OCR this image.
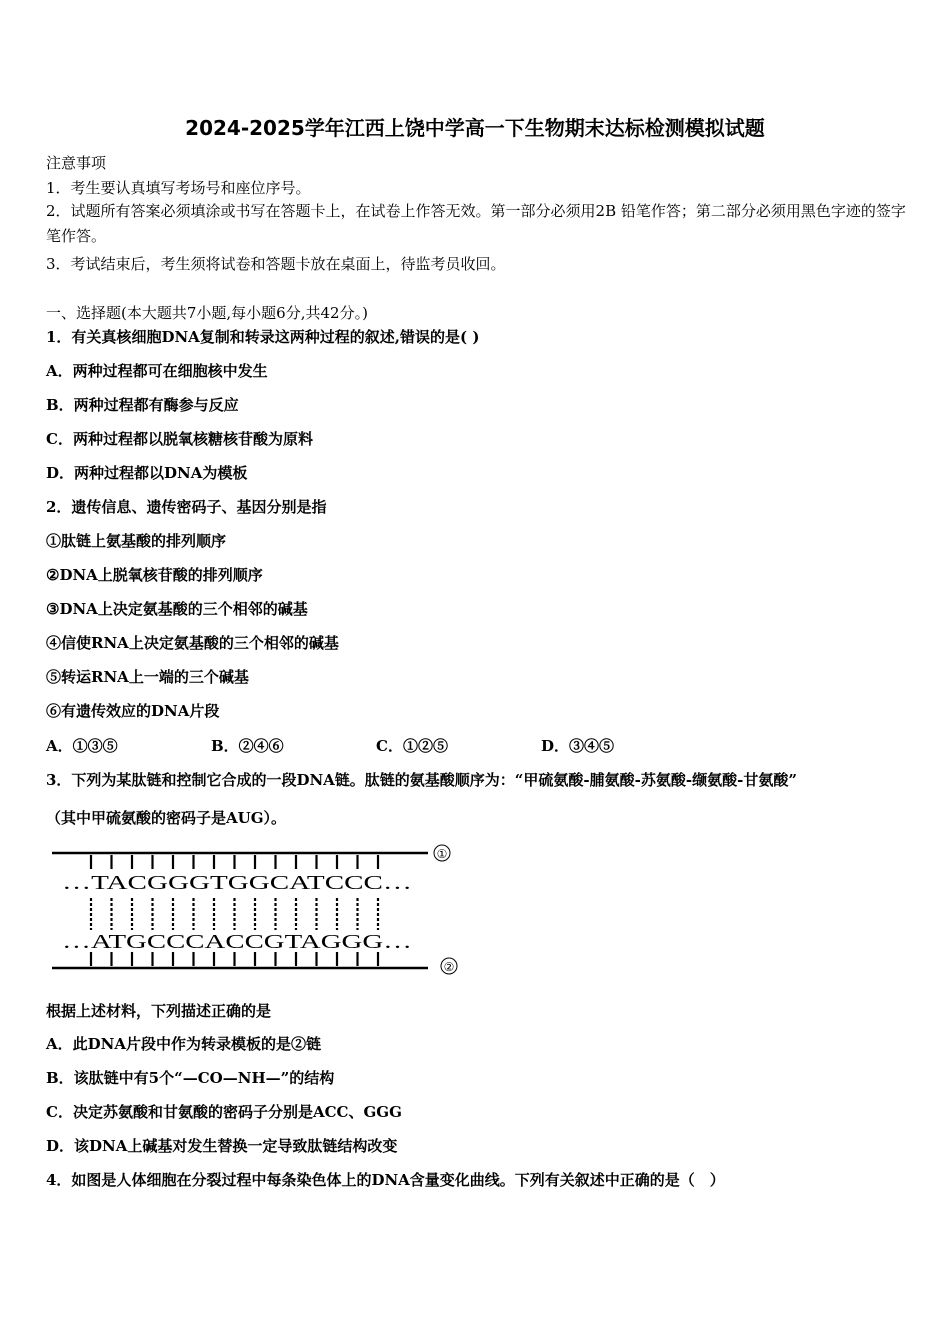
2024-2025学年江西上饶中学高一下生物期末达标检测模拟试题
注意事项
1．考生要认真填写考场号和座位序号。
2．试题所有答案必须填涂或书写在答题卡上，在试卷上作答无效。第一部分必须用2B 铅笔作答；第二部分必须用黑色字迹的签字笔作答。
3．考试结束后，考生须将试卷和答题卡放在桌面上，待监考员收回。
一、选择题(本大题共7小题,每小题6分,共42分。)
1．有关真核细胞DNA复制和转录这两种过程的叙述,错误的是( )
A．两种过程都可在细胞核中发生
B．两种过程都有酶参与反应
C．两种过程都以脱氧核糖核苷酸为原料
D．两种过程都以DNA为模板
2．遗传信息、遗传密码子、基因分别是指
①肽链上氨基酸的排列顺序
②DNA上脱氧核苷酸的排列顺序
③DNA上决定氨基酸的三个相邻的碱基
④信使RNA上决定氨基酸的三个相邻的碱基
⑤转运RNA上一端的三个碱基
⑥有遗传效应的DNA片段
A．①③⑤	B．②④⑥	C．①②⑤	D．③④⑤
3．下列为某肽链和控制它合成的一段DNA链。肽链的氨基酸顺序为：“甲硫氨酸-脯氨酸-苏氨酸-缬氨酸-甘氨酸”
（其中甲硫氨酸的密码子是AUG）。
①
②
…TACGGGTGGCATCCC…
…ATGCCCACCGTAGGG…
根据上述材料，下列描述正确的是
A．此DNA片段中作为转录模板的是②链
B．该肽链中有5个“—CO—NH—”的结构
C．决定苏氨酸和甘氨酸的密码子分别是ACC、GGG
D．该DNA上碱基对发生替换一定导致肽链结构改变
4．如图是人体细胞在分裂过程中每条染色体上的DNA含量变化曲线。下列有关叙述中正确的是（　）
